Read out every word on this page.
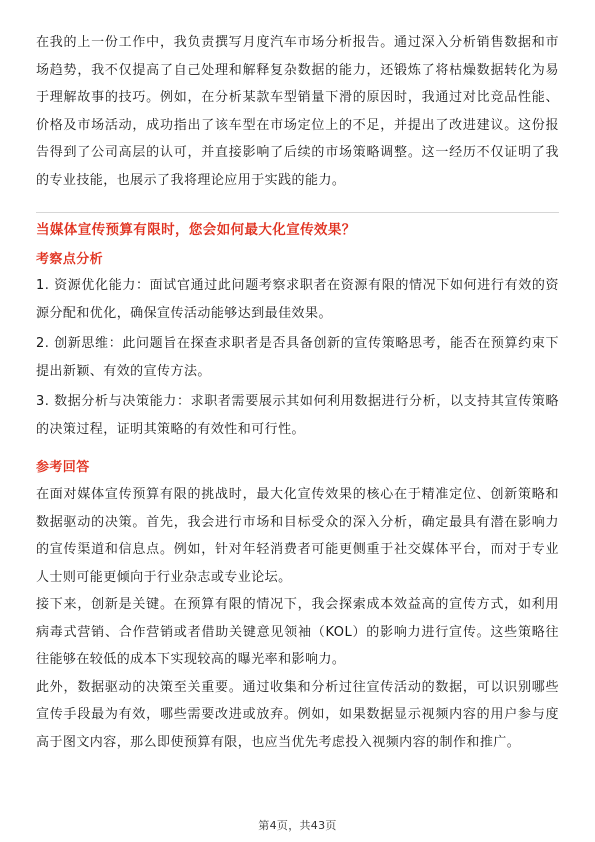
在我的上一份工作中，我负责撰写月度汽车市场分析报告。通过深入分析销售数据和市场趋势，我不仅提高了自己处理和解释复杂数据的能力，还锻炼了将枯燥数据转化为易于理解故事的技巧。例如，在分析某款车型销量下滑的原因时，我通过对比竞品性能、价格及市场活动，成功指出了该车型在市场定位上的不足，并提出了改进建议。这份报告得到了公司高层的认可，并直接影响了后续的市场策略调整。这一经历不仅证明了我的专业技能，也展示了我将理论应用于实践的能力。

当媒体宣传预算有限时，您会如何最大化宣传效果？
考察点分析

1. 资源优化能力：面试官通过此问题考察求职者在资源有限的情况下如何进行有效的资源分配和优化，确保宣传活动能够达到最佳效果。

2. 创新思维：此问题旨在探查求职者是否具备创新的宣传策略思考，能否在预算约束下提出新颖、有效的宣传方法。

3. 数据分析与决策能力：求职者需要展示其如何利用数据进行分析，以支持其宣传策略的决策过程，证明其策略的有效性和可行性。

参考回答

在面对媒体宣传预算有限的挑战时，最大化宣传效果的核心在于精准定位、创新策略和数据驱动的决策。首先，我会进行市场和目标受众的深入分析，确定最具有潜在影响力的宣传渠道和信息点。例如，针对年轻消费者可能更侧重于社交媒体平台，而对于专业人士则可能更倾向于行业杂志或专业论坛。

接下来，创新是关键。在预算有限的情况下，我会探索成本效益高的宣传方式，如利用病毒式营销、合作营销或者借助关键意见领袖（KOL）的影响力进行宣传。这些策略往往能够在较低的成本下实现较高的曝光率和影响力。

此外，数据驱动的决策至关重要。通过收集和分析过往宣传活动的数据，可以识别哪些宣传手段最为有效，哪些需要改进或放弃。例如，如果数据显示视频内容的用户参与度高于图文内容，那么即使预算有限，也应当优先考虑投入视频内容的制作和推广。

第4页，共43页
